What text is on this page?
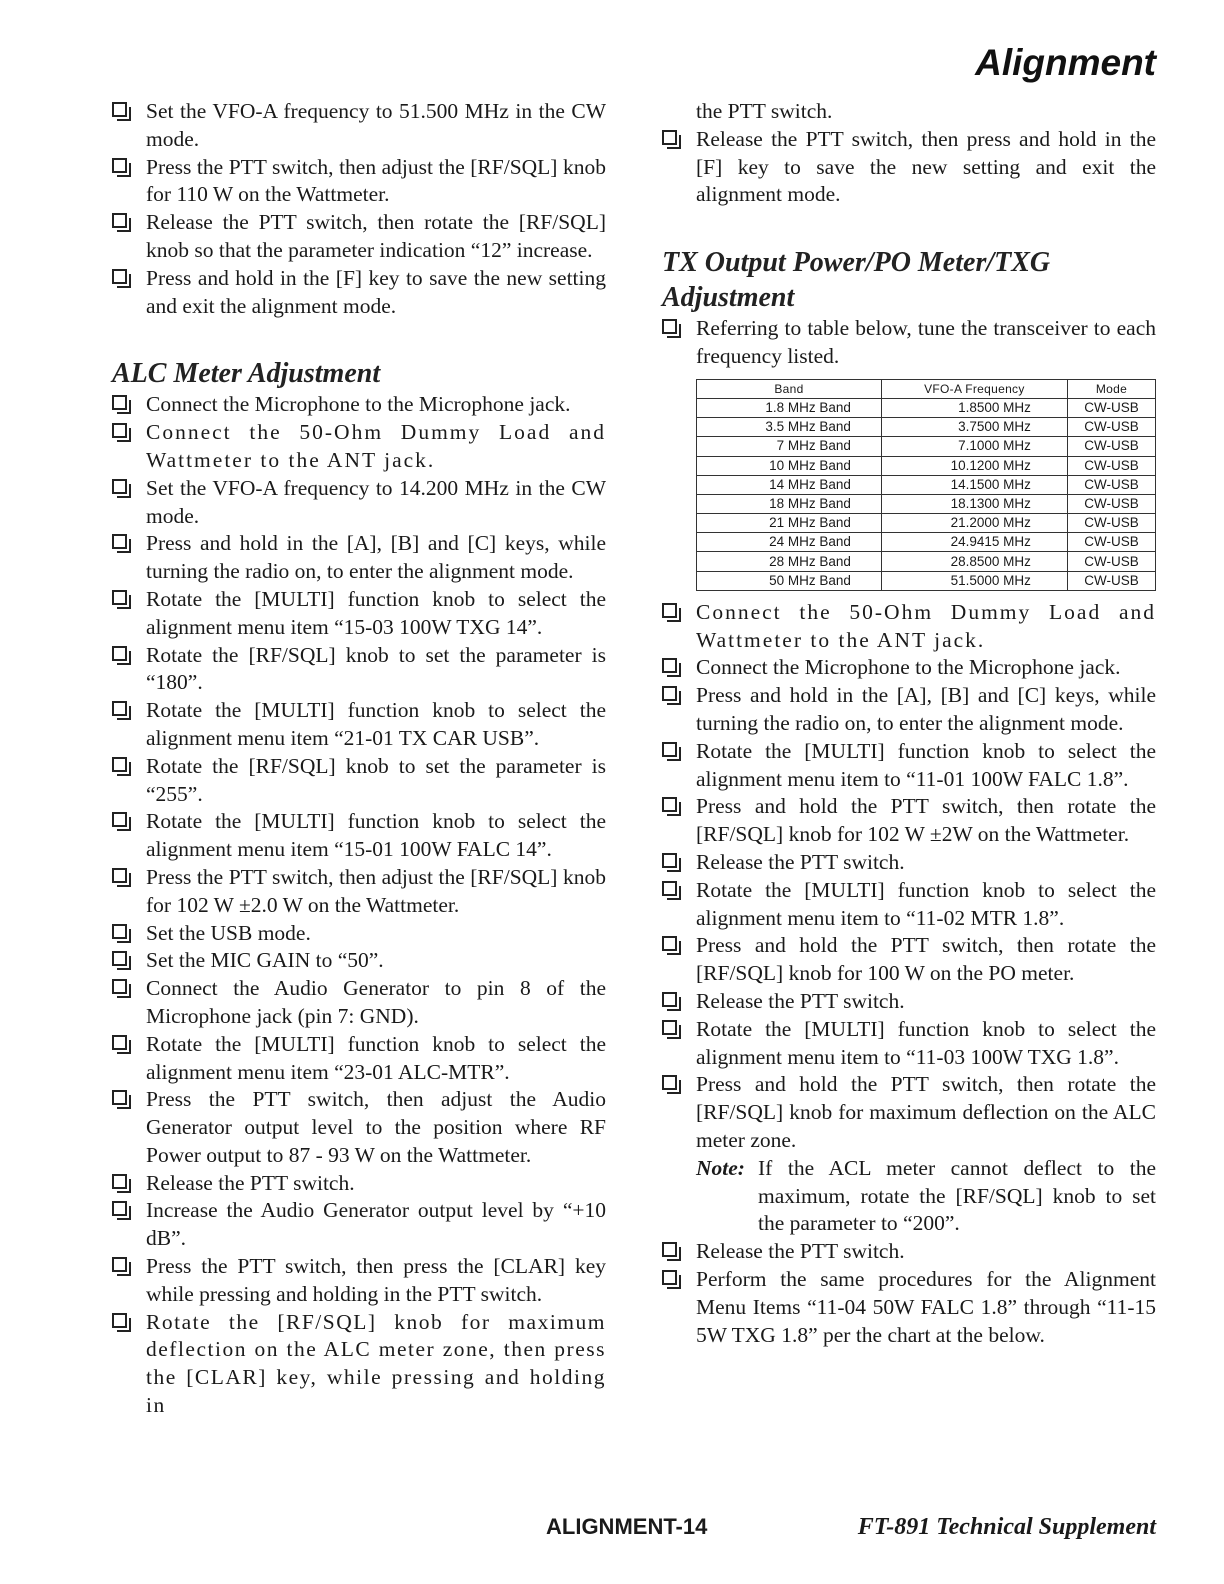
Alignment
Set the VFO-A frequency to 51.500 MHz in the CW mode.
Press the PTT switch, then adjust the [RF/SQL] knob for 110 W on the Wattmeter.
Release the PTT switch, then rotate the [RF/SQL] knob so that the parameter indication “12” increase.
Press and hold in the [F] key to save the new setting and exit the alignment mode.
ALC Meter Adjustment
Connect the Microphone to the Microphone jack.
Connect the 50-Ohm Dummy Load and Wattmeter to the ANT jack.
Set the VFO-A frequency to 14.200 MHz in the CW mode.
Press and hold in the [A], [B] and [C] keys, while turning the radio on, to enter the alignment mode.
Rotate the [MULTI] function knob to select the alignment menu item “15-03 100W TXG 14”.
Rotate the [RF/SQL] knob to set the parameter is “180”.
Rotate the [MULTI] function knob to select the alignment menu item “21-01 TX CAR USB”.
Rotate the [RF/SQL] knob to set the parameter is “255”.
Rotate the [MULTI] function knob to select the alignment menu item “15-01 100W FALC 14”.
Press the PTT switch, then adjust the [RF/SQL] knob for 102 W ±2.0 W on the Wattmeter.
Set the USB mode.
Set the MIC GAIN to “50”.
Connect the Audio Generator to pin 8 of the Microphone jack (pin 7: GND).
Rotate the [MULTI] function knob to select the alignment menu item “23-01 ALC-MTR”.
Press the PTT switch, then adjust the Audio Generator output level to the position where RF Power output to 87 - 93 W on the Wattmeter.
Release the PTT switch.
Increase the Audio Generator output level by “+10 dB”.
Press the PTT switch, then press the [CLAR] key while pressing and holding in the PTT switch.
Rotate the [RF/SQL] knob for maximum deflection on the ALC meter zone, then press the [CLAR] key, while pressing and holding in
the PTT switch.
Release the PTT switch, then press and hold in the [F] key to save the new setting and exit the alignment mode.
TX Output Power/PO Meter/TXG Adjustment
Referring to table below, tune the transceiver to each frequency listed.
Band	VFO-A Frequency	Mode
1.8 MHz Band	1.8500 MHz	CW-USB
3.5 MHz Band	3.7500 MHz	CW-USB
7 MHz Band	7.1000 MHz	CW-USB
10 MHz Band	10.1200 MHz	CW-USB
14 MHz Band	14.1500 MHz	CW-USB
18 MHz Band	18.1300 MHz	CW-USB
21 MHz Band	21.2000 MHz	CW-USB
24 MHz Band	24.9415 MHz	CW-USB
28 MHz Band	28.8500 MHz	CW-USB
50 MHz Band	51.5000 MHz	CW-USB
Connect the 50-Ohm Dummy Load and Wattmeter to the ANT jack.
Connect the Microphone to the Microphone jack.
Press and hold in the [A], [B] and [C] keys, while turning the radio on, to enter the alignment mode.
Rotate the [MULTI] function knob to select the alignment menu item to “11-01 100W FALC 1.8”.
Press and hold the PTT switch, then rotate the [RF/SQL] knob for 102 W ±2W on the Wattmeter.
Release the PTT switch.
Rotate the [MULTI] function knob to select the alignment menu item to “11-02 MTR 1.8”.
Press and hold the PTT switch, then rotate the [RF/SQL] knob for 100 W on the PO meter.
Release the PTT switch.
Rotate the [MULTI] function knob to select the alignment menu item to “11-03 100W TXG 1.8”.
Press and hold the PTT switch, then rotate the [RF/SQL] knob for maximum deflection on the ALC meter zone.
Note: If the ACL meter cannot deflect to the maximum, rotate the [RF/SQL] knob to set the parameter to “200”.
Release the PTT switch.
Perform the same procedures for the Alignment Menu Items “11-04 50W FALC 1.8” through “11-15 5W TXG 1.8” per the chart at the below.
ALIGNMENT-14	FT-891 Technical Supplement
